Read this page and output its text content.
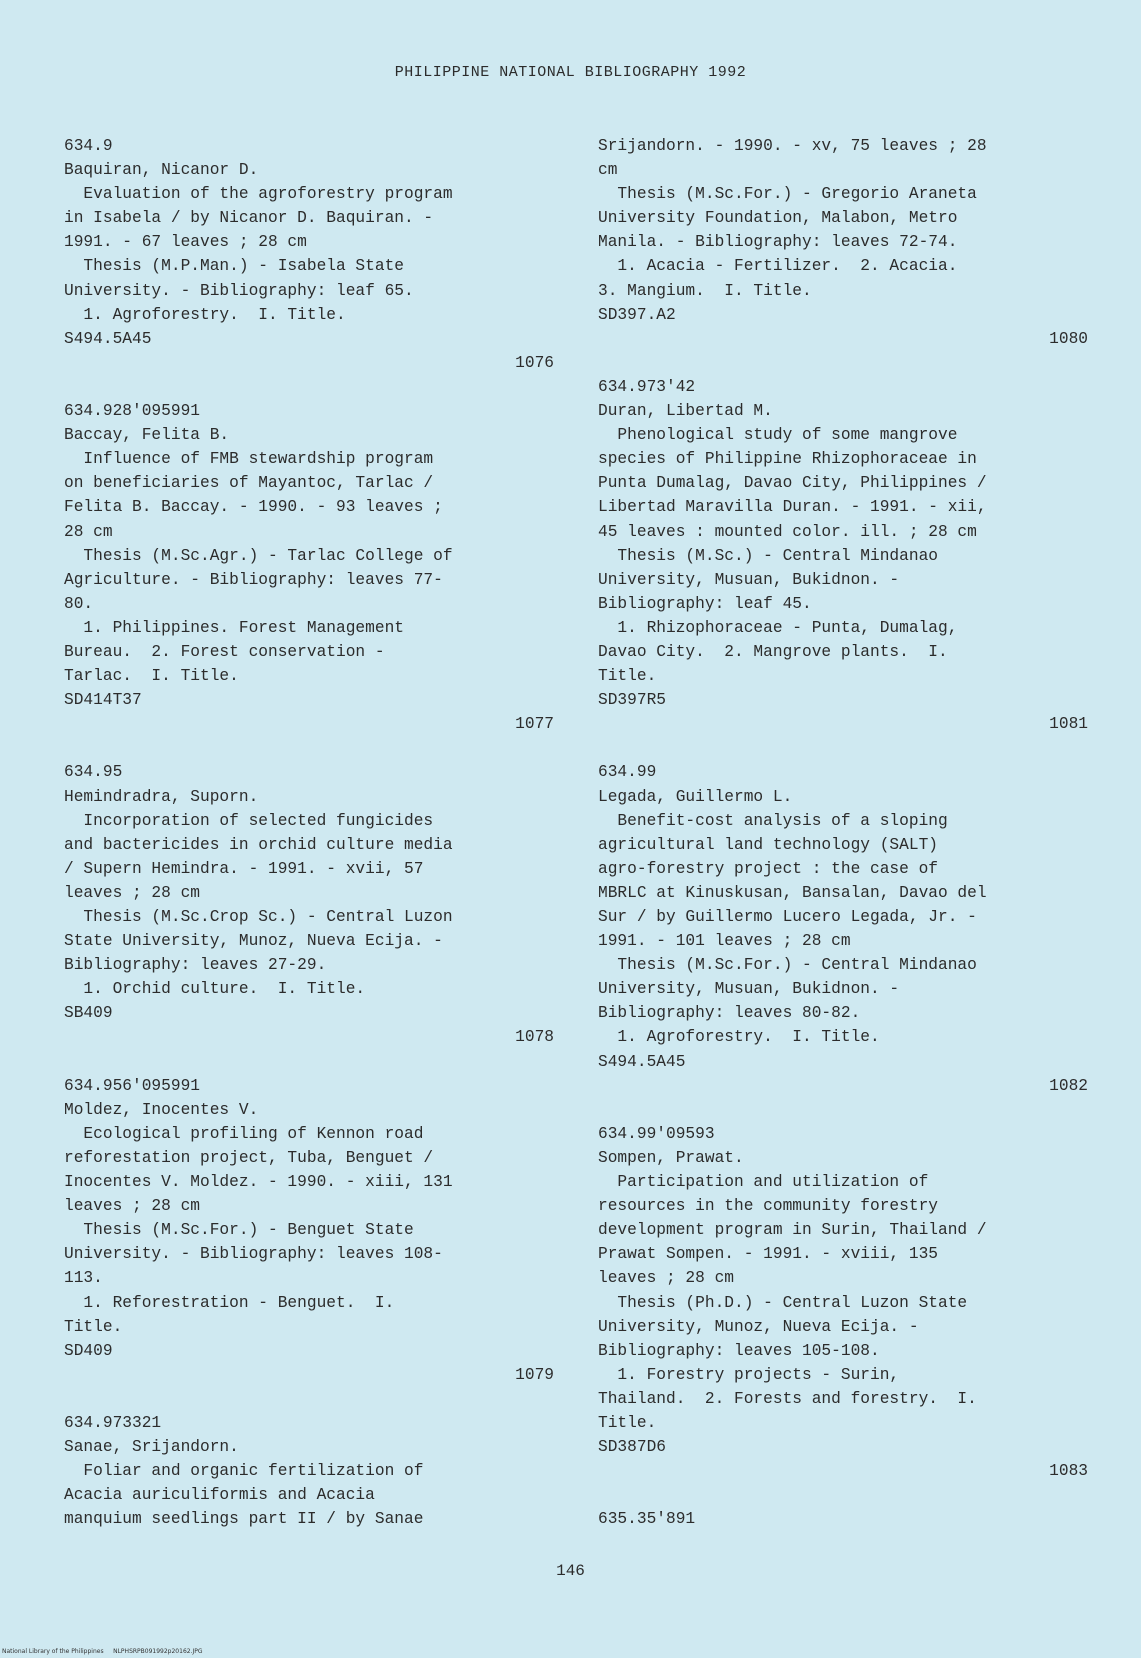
PHILIPPINE NATIONAL BIBLIOGRAPHY 1992
634.9
Baquiran, Nicanor D.
Evaluation of the agroforestry program
in Isabela / by Nicanor D. Baquiran. -
1991. - 67 leaves ; 28 cm
Thesis (M.P.Man.) - Isabela State
University. - Bibliography: leaf 65.
1. Agroforestry.  I. Title.
S494.5A45
1076
634.928'095991
Baccay, Felita B.
Influence of FMB stewardship program
on beneficiaries of Mayantoc, Tarlac /
Felita B. Baccay. - 1990. - 93 leaves ;
28 cm
Thesis (M.Sc.Agr.) - Tarlac College of
Agriculture. - Bibliography: leaves 77-
80.
1. Philippines. Forest Management
Bureau.  2. Forest conservation -
Tarlac.  I. Title.
SD414T37
1077
634.95
Hemindradra, Suporn.
Incorporation of selected fungicides
and bactericides in orchid culture media
/ Supern Hemindra. - 1991. - xvii, 57
leaves ; 28 cm
Thesis (M.Sc.Crop Sc.) - Central Luzon
State University, Munoz, Nueva Ecija. -
Bibliography: leaves 27-29.
1. Orchid culture.  I. Title.
SB409
1078
634.956'095991
Moldez, Inocentes V.
Ecological profiling of Kennon road
reforestation project, Tuba, Benguet /
Inocentes V. Moldez. - 1990. - xiii, 131
leaves ; 28 cm
Thesis (M.Sc.For.) - Benguet State
University. - Bibliography: leaves 108-
113.
1. Reforestration - Benguet.  I.
Title.
SD409
1079
634.973321
Sanae, Srijandorn.
Foliar and organic fertilization of
Acacia auriculiformis and Acacia
manquium seedlings part II / by Sanae
Srijandorn. - 1990. - xv, 75 leaves ; 28
cm
Thesis (M.Sc.For.) - Gregorio Araneta
University Foundation, Malabon, Metro
Manila. - Bibliography: leaves 72-74.
1. Acacia - Fertilizer.  2. Acacia.
3. Mangium.  I. Title.
SD397.A2
1080
634.973'42
Duran, Libertad M.
Phenological study of some mangrove
species of Philippine Rhizophoraceae in
Punta Dumalag, Davao City, Philippines /
Libertad Maravilla Duran. - 1991. - xii,
45 leaves : mounted color. ill. ; 28 cm
Thesis (M.Sc.) - Central Mindanao
University, Musuan, Bukidnon. -
Bibliography: leaf 45.
1. Rhizophoraceae - Punta, Dumalag,
Davao City.  2. Mangrove plants.  I.
Title.
SD397R5
1081
634.99
Legada, Guillermo L.
Benefit-cost analysis of a sloping
agricultural land technology (SALT)
agro-forestry project : the case of
MBRLC at Kinuskusan, Bansalan, Davao del
Sur / by Guillermo Lucero Legada, Jr. -
1991. - 101 leaves ; 28 cm
Thesis (M.Sc.For.) - Central Mindanao
University, Musuan, Bukidnon. -
Bibliography: leaves 80-82.
1. Agroforestry.  I. Title.
S494.5A45
1082
634.99'09593
Sompen, Prawat.
Participation and utilization of
resources in the community forestry
development program in Surin, Thailand /
Prawat Sompen. - 1991. - xviii, 135
leaves ; 28 cm
Thesis (Ph.D.) - Central Luzon State
University, Munoz, Nueva Ecija. -
Bibliography: leaves 105-108.
1. Forestry projects - Surin,
Thailand.  2. Forests and forestry.  I.
Title.
SD387D6
1083
635.35'891
146
National Library of the Philippines     NLPHSRPB091992p20162.JPG
